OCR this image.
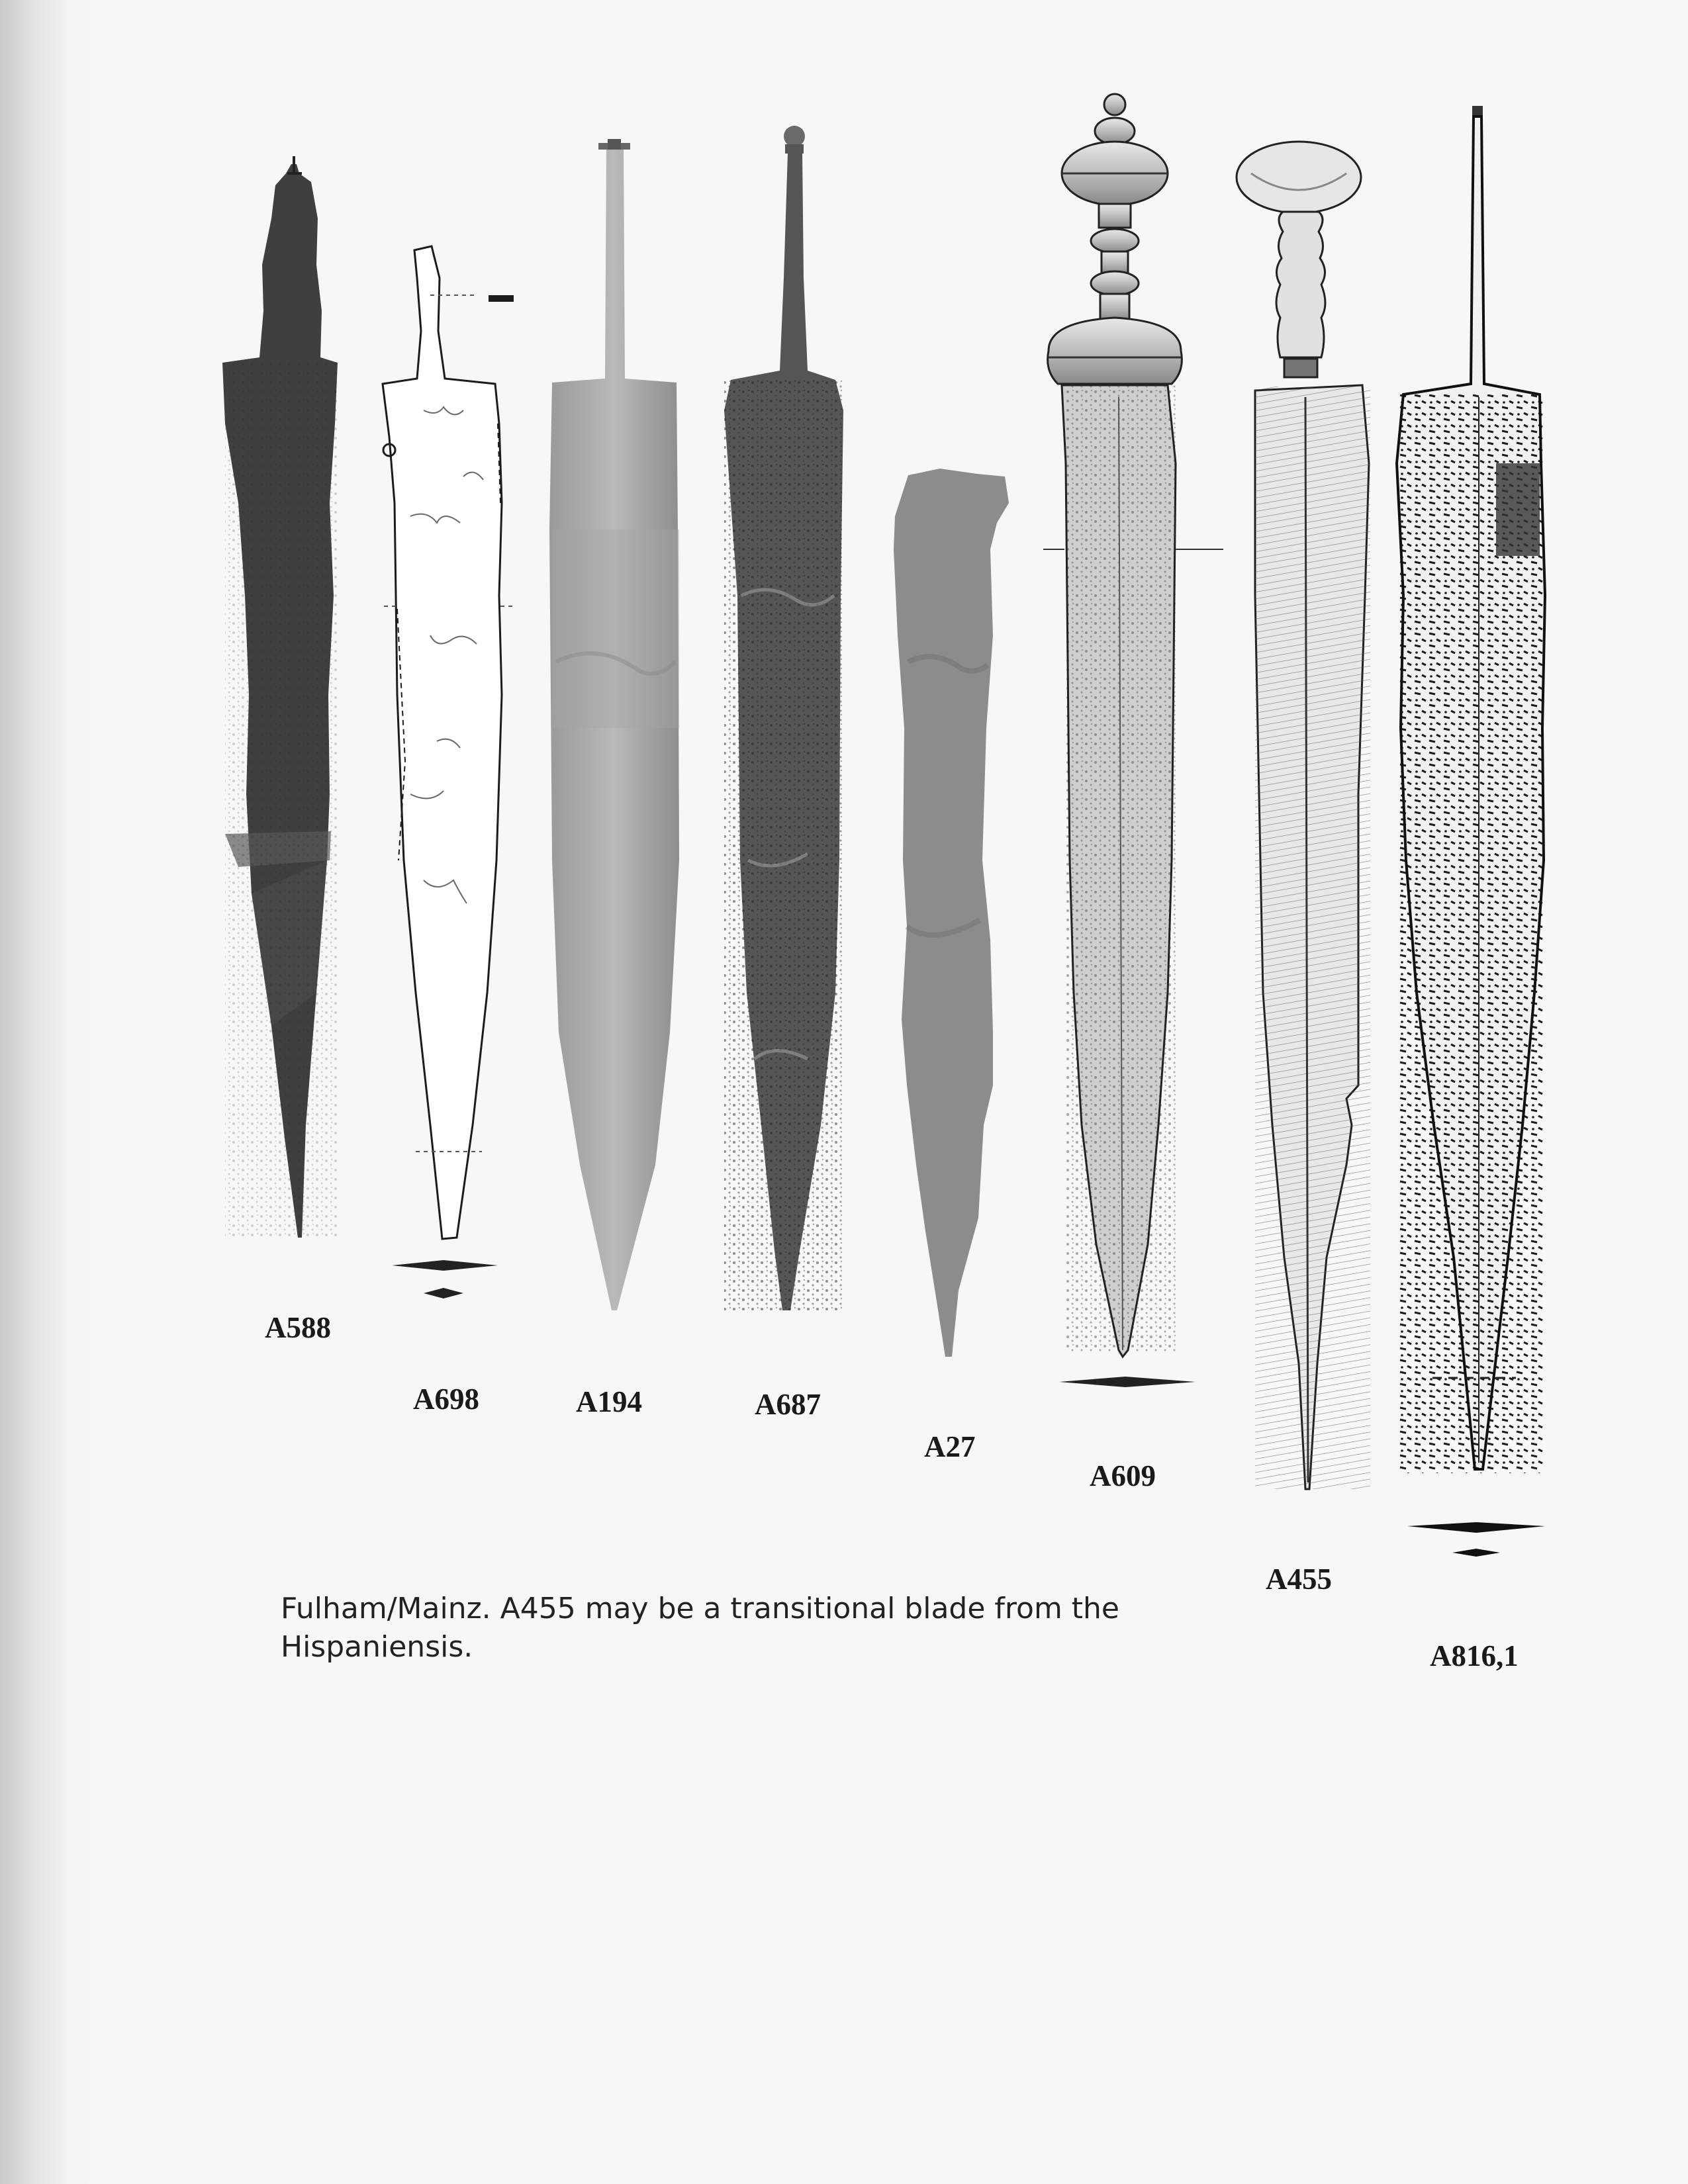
A588
A698	A194	A687
A27
A609
A455
A816,1
Fulham/Mainz. A455 may be a transitional blade from the Hispaniensis.
